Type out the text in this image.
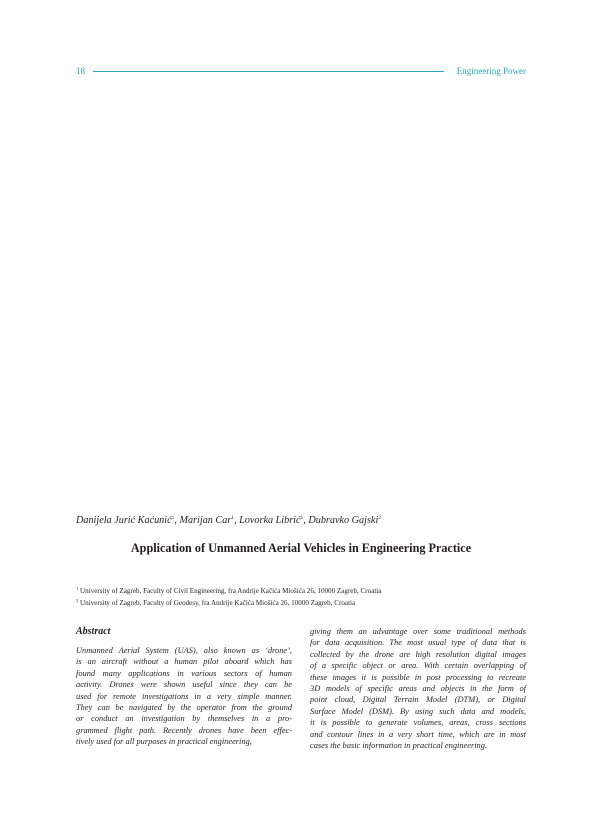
18	Engineering Power
Danijela Jurić Kaćunić$^1$, Marijan Car$^1$, Lovorka Librić$^1$, Dubravko Gajski$^2$
Application of Unmanned Aerial Vehicles in Engineering Practice
$^1$ University of Zagreb, Faculty of Civil Engineering, fra Andrije Kačića Miošića 26, 10000 Zagreb, Croatia
$^2$ University of Zagreb, Faculty of Geodesy, fra Andrije Kačića Miošića 26, 10000 Zagreb, Croatia
Abstract
Unmanned Aerial System (UAS), also known as ‘drone’,
is an aircraft without a human pilot aboard which has
found many applications in various sectors of human
activity. Drones were shown useful since they can be
used for remote investigations in a very simple manner.
They can be navigated by the operator from the ground
or conduct an investigation by themselves in a pro-
grammed flight path. Recently drones have been effec-
tively used for all purposes in practical engineering,
giving them an advantage over some traditional methods
for data acquisition. The most usual type of data that is
collected by the drone are high resolution digital images
of a specific object or area. With certain overlapping of
these images it is possible in post processing to recreate
3D models of specific areas and objects in the form of
point cloud, Digital Terrain Model (DTM), or Digital
Surface Model (DSM). By using such data and models,
it is possible to generate volumes, areas, cross sections
and contour lines in a very short time, which are in most
cases the basic information in practical engineering.
